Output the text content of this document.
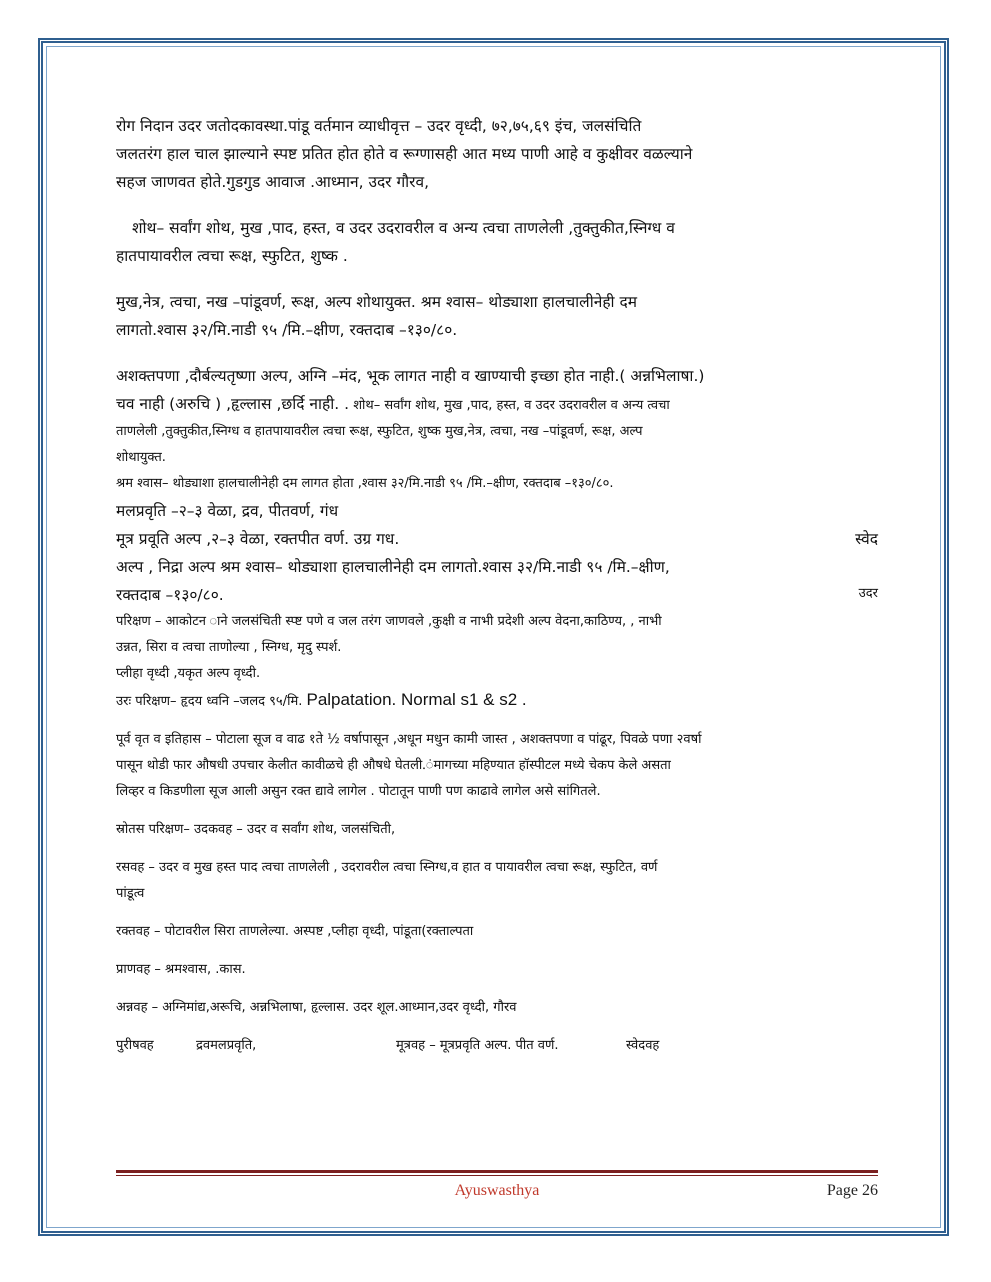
रोग निदान उदर जतोदकावस्था.पांडू वर्तमान व्याधीवृत्त – उदर वृध्दी, ७२,७५,६९ इंच, जलसंचिति

जलतरंग हाल चाल झाल्याने स्पष्ट प्रतित होत होते व रूग्णासही आत मध्य पाणी आहे व कुक्षीवर वळल्याने

सहज जाणवत होते.गुडगुड आवाज .आध्मान, उदर गौरव,

शोथ– सर्वांग शोथ, मुख ,पाद, हस्त, व उदर उदरावरील व अन्य त्वचा ताणलेली ,तुक्तुकीत,स्निग्ध व

हातपायावरील त्वचा रूक्ष, स्फुटित, शुष्क .

मुख,नेत्र, त्वचा, नख –पांडूवर्ण, रूक्ष, अल्प शोथायुक्त. श्रम श्वास– थोड्याशा हालचालीनेही दम

लागतो.श्वास ३२/मि.नाडी ९५ /मि.–क्षीण, रक्तदाब –१३०/८०.

अशक्तपणा ,दौर्बल्यतृष्णा अल्प, अग्नि –मंद, भूक लागत नाही व खाण्याची इच्छा होत नाही.( अन्नभिलाषा.)

चव नाही (अरुचि ) ,हृल्लास ,छर्दि नाही. . शोथ– सर्वांग शोथ, मुख ,पाद, हस्त, व उदर उदरावरील व अन्य त्वचा

ताणलेली ,तुक्तुकीत,स्निग्ध व हातपायावरील त्वचा रूक्ष, स्फुटित, शुष्क मुख,नेत्र, त्वचा, नख –पांडूवर्ण, रूक्ष, अल्प

शोथायुक्त.

श्रम श्वास– थोड्याशा हालचालीनेही दम लागत होता ,श्वास ३२/मि.नाडी ९५ /मि.–क्षीण, रक्तदाब –१३०/८०.

मलप्रवृति –२–३ वेळा, द्रव, पीतवर्ण, गंध

मूत्र प्रवूति अल्प ,२–३ वेळा, रक्तपीत वर्ण. उग्र गध.	स्वेद

अल्प , निद्रा अल्प श्रम श्वास– थोड्याशा हालचालीनेही दम लागतो.श्वास ३२/मि.नाडी ९५ /मि.–क्षीण,

रक्तदाब –१३०/८०.	उदर

परिक्षण – आकोटन ाने जलसंचिती स्प्ष्ट पणे व जल तरंग जाणवले ,कुक्षी व नाभी प्रदेशी अल्प वेदना,काठिण्य, , नाभी

उन्नत, सिरा व त्वचा ताणोल्या , स्निग्ध, मृदु स्पर्श.

प्लीहा वृध्दी ,यकृत अल्प वृध्दी.

उरः परिक्षण– हृदय ध्वनि –जलद ९५/मि. Palpatation. Normal s1 & s2 .

पूर्व वृत व इतिहास – पोटाला सूज व वाढ १ते ½ वर्षापासून ,अधून मधुन कामी जास्त , अशक्तपणा व पांढूर, पिवळे पणा २वर्षा

पासून थोडी फार औषधी उपचार केलीत कावीळचे ही औषधे घेतली.ंमागच्या महिण्यात हॉस्पीटल मध्ये चेकप केले असता

लिव्हर व किडणीला सूज आली असुन रक्त द्यावे लागेल . पोटातून पाणी पण काढावे लागेल असे सांगितले.

स्रोतस परिक्षण– उदकवह – उदर व सर्वांग शोथ, जलसंचिती,

रसवह – उदर व मुख हस्त पाद त्वचा ताणलेली , उदरावरील त्वचा स्निग्ध,व हात व पायावरील त्वचा रूक्ष, स्फुटित, वर्ण

पांडूत्व

रक्तवह – पोटावरील सिरा ताणलेल्या. अस्पष्ट ,प्लीहा वृध्दी, पांडूता(रक्ताल्पता

प्राणवह – श्रमश्वास, .कास.

अन्नवह – अग्निमांद्य,अरूचि, अन्नभिलाषा, हृल्लास. उदर शूल.आध्मान,उदर वृध्दी, गौरव

पुरीषवह	द्रवमलप्रवृति,	मूत्रवह – मूत्रप्रवृति अल्प. पीत वर्ण.	स्वेदवह

Ayuswasthya	Page 26
